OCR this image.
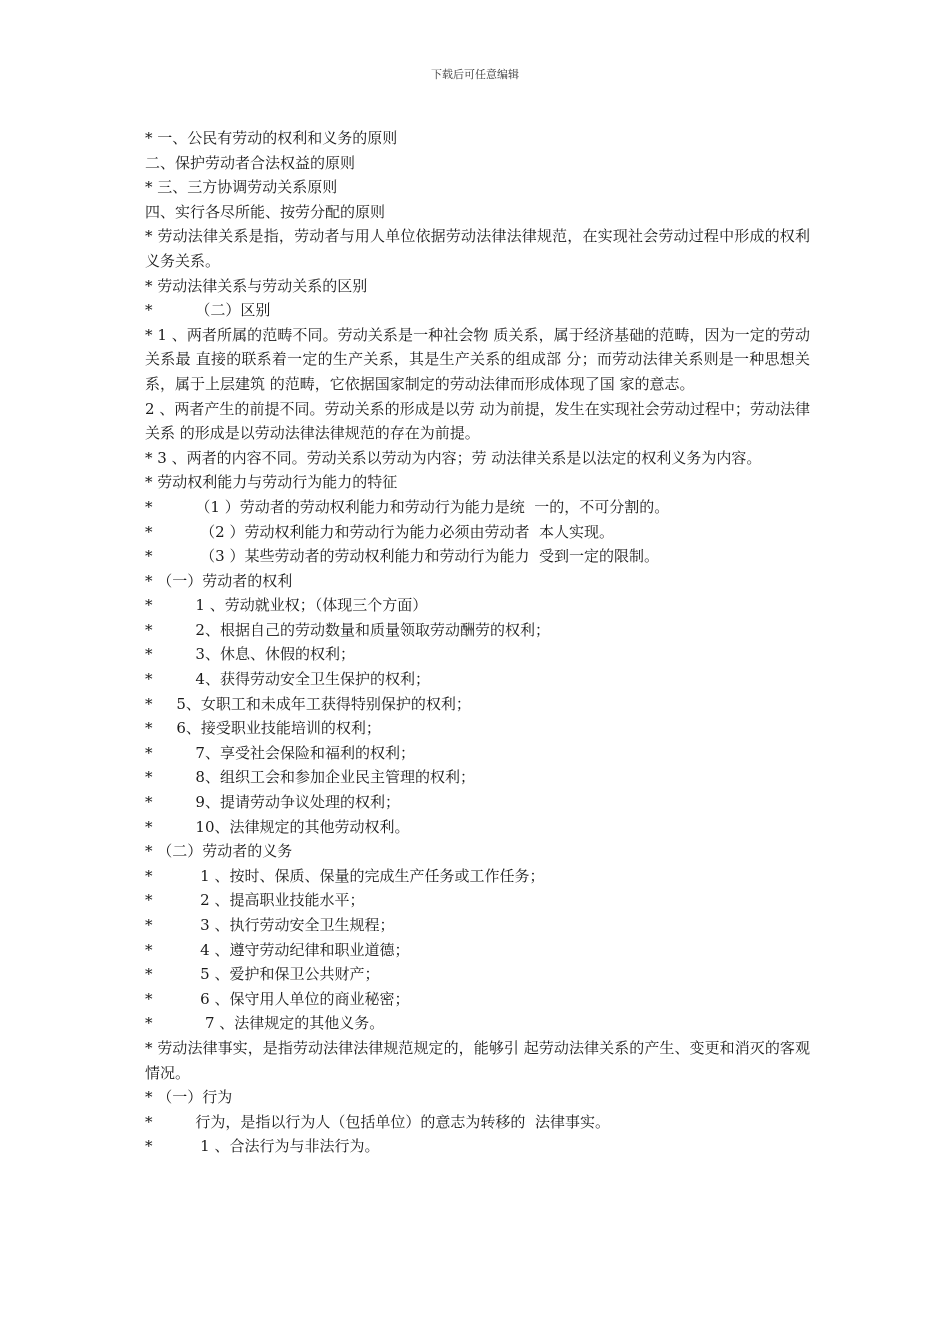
下载后可任意编辑
* 一、公民有劳动的权利和义务的原则
二、保护劳动者合法权益的原则
* 三、三方协调劳动关系原则
四、实行各尽所能、按劳分配的原则
* 劳动法律关系是指，劳动者与用人单位依据劳动法律法律规范，在实现社会劳动过程中形成的权利义务关系。
* 劳动法律关系与劳动关系的区别
*         （二）区别
* 1 、两者所属的范畴不同。劳动关系是一种社会物 质关系，属于经济基础的范畴，因为一定的劳动关系最 直接的联系着一定的生产关系，其是生产关系的组成部 分；而劳动法律关系则是一种思想关系，属于上层建筑 的范畴，它依据国家制定的劳动法律而形成体现了国 家的意志。
2 、两者产生的前提不同。劳动关系的形成是以劳 动为前提，发生在实现社会劳动过程中；劳动法律关系 的形成是以劳动法律法律规范的存在为前提。
* 3 、两者的内容不同。劳动关系以劳动为内容；劳 动法律关系是以法定的权利义务为内容。
* 劳动权利能力与劳动行为能力的特征
*         （1 ）劳动者的劳动权利能力和劳动行为能力是统  一的，不可分割的。
*          （2 ）劳动权利能力和劳动行为能力必须由劳动者  本人实现。
*          （3 ）某些劳动者的劳动权利能力和劳动行为能力  受到一定的限制。
* （一）劳动者的权利
*         1 、劳动就业权；（体现三个方面）
*         2、根据自己的劳动数量和质量领取劳动酬劳的权利；
*         3、休息、休假的权利；
*         4、获得劳动安全卫生保护的权利；
*     5、女职工和未成年工获得特别保护的权利；
*     6、接受职业技能培训的权利；
*         7、享受社会保险和福利的权利；
*         8、组织工会和参加企业民主管理的权利；
*         9、提请劳动争议处理的权利；
*         10、法律规定的其他劳动权利。
* （二）劳动者的义务
*          1 、按时、保质、保量的完成生产任务或工作任务；
*          2 、提高职业技能水平；
*          3 、执行劳动安全卫生规程；
*          4 、遵守劳动纪律和职业道德；
*          5 、爱护和保卫公共财产；
*          6 、保守用人单位的商业秘密；
*           7 、法律规定的其他义务。
* 劳动法律事实，是指劳动法律法律规范规定的，能够引 起劳动法律关系的产生、变更和消灭的客观情况。
* （一）行为
*         行为，是指以行为人（包括单位）的意志为转移的  法律事实。
*          1 、合法行为与非法行为。
